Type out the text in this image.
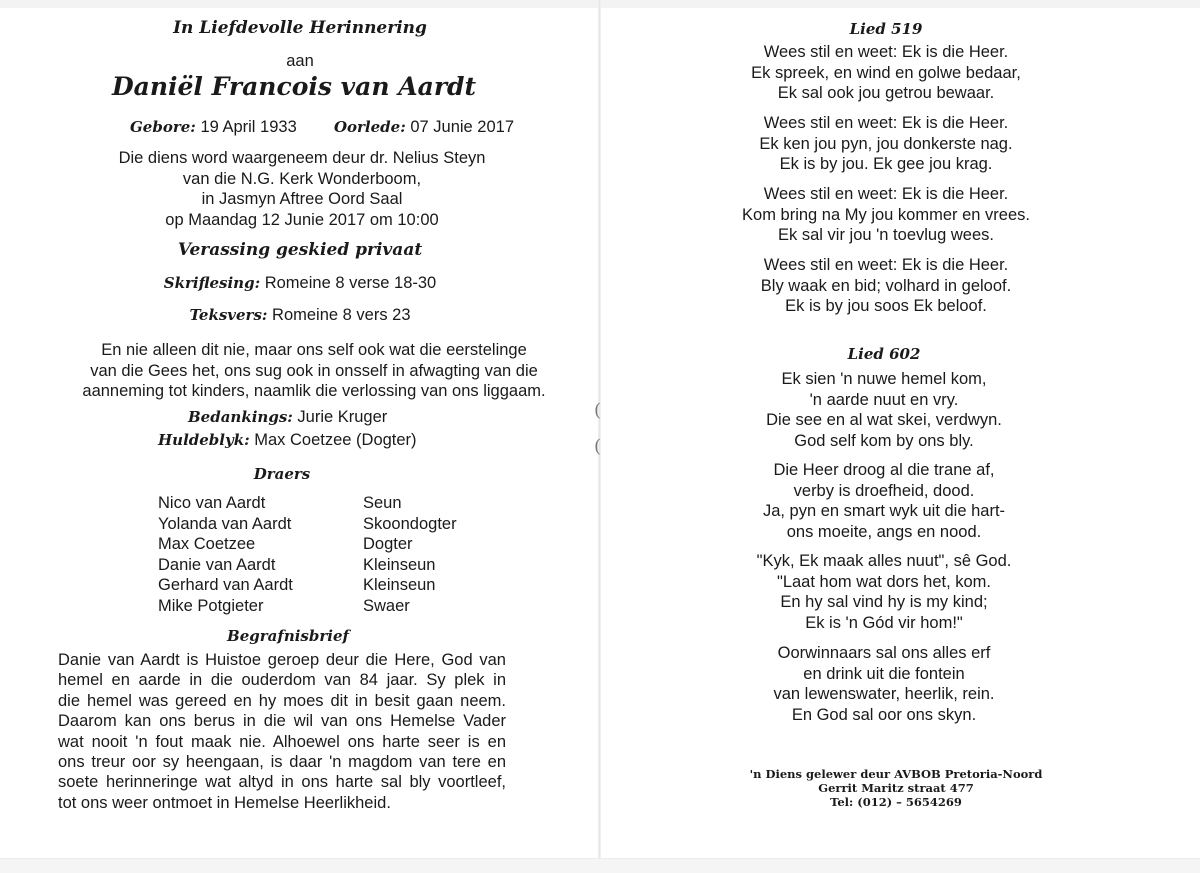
In Liefdevolle Herinnering
aan
Daniël Francois van Aardt
Gebore: 19 April 1933 Oorlede: 07 Junie 2017
Die diens word waargeneem deur dr. Nelius Steyn
van die N.G. Kerk Wonderboom,
in Jasmyn Aftree Oord Saal
op Maandag 12 Junie 2017 om 10:00
Verassing geskied privaat
Skriflesing: Romeine 8 verse 18-30
Teksvers: Romeine 8 vers 23
En nie alleen dit nie, maar ons self ook wat die eerstelinge
van die Gees het, ons sug ook in onsself in afwagting van die
aanneming tot kinders, naamlik die verlossing van ons liggaam.
Bedankings: Jurie Kruger
Huldeblyk: Max Coetzee (Dogter)
Draers
Nico van Aardt	Seun
Yolanda van Aardt	Skoondogter
Max Coetzee	Dogter
Danie van Aardt	Kleinseun
Gerhard van Aardt	Kleinseun
Mike Potgieter	Swaer
Begrafnisbrief
Danie van Aardt is Huistoe geroep deur die Here, God van
hemel en aarde in die ouderdom van 84 jaar. Sy plek in
die hemel was gereed en hy moes dit in besit gaan neem.
Daarom kan ons berus in die wil van ons Hemelse Vader
wat nooit 'n fout maak nie. Alhoewel ons harte seer is en
ons treur oor sy heengaan, is daar 'n magdom van tere en
soete herinneringe wat altyd in ons harte sal bly voortleef,
tot ons weer ontmoet in Hemelse Heerlikheid.
(
(
Lied 519
Wees stil en weet: Ek is die Heer.
Ek spreek, en wind en golwe bedaar,
Ek sal ook jou getrou bewaar.
Wees stil en weet: Ek is die Heer.
Ek ken jou pyn, jou donkerste nag.
Ek is by jou. Ek gee jou krag.
Wees stil en weet: Ek is die Heer.
Kom bring na My jou kommer en vrees.
Ek sal vir jou 'n toevlug wees.
Wees stil en weet: Ek is die Heer.
Bly waak en bid; volhard in geloof.
Ek is by jou soos Ek beloof.
Lied 602
Ek sien 'n nuwe hemel kom,
'n aarde nuut en vry.
Die see en al wat skei, verdwyn.
God self kom by ons bly.
Die Heer droog al die trane af,
verby is droefheid, dood.
Ja, pyn en smart wyk uit die hart-
ons moeite, angs en nood.
"Kyk, Ek maak alles nuut", sê God.
"Laat hom wat dors het, kom.
En hy sal vind hy is my kind;
Ek is 'n Gód vir hom!"
Oorwinnaars sal ons alles erf
en drink uit die fontein
van lewenswater, heerlik, rein.
En God sal oor ons skyn.
'n Diens gelewer deur AVBOB Pretoria-Noord
Gerrit Maritz straat 477
Tel: (012) – 5654269
